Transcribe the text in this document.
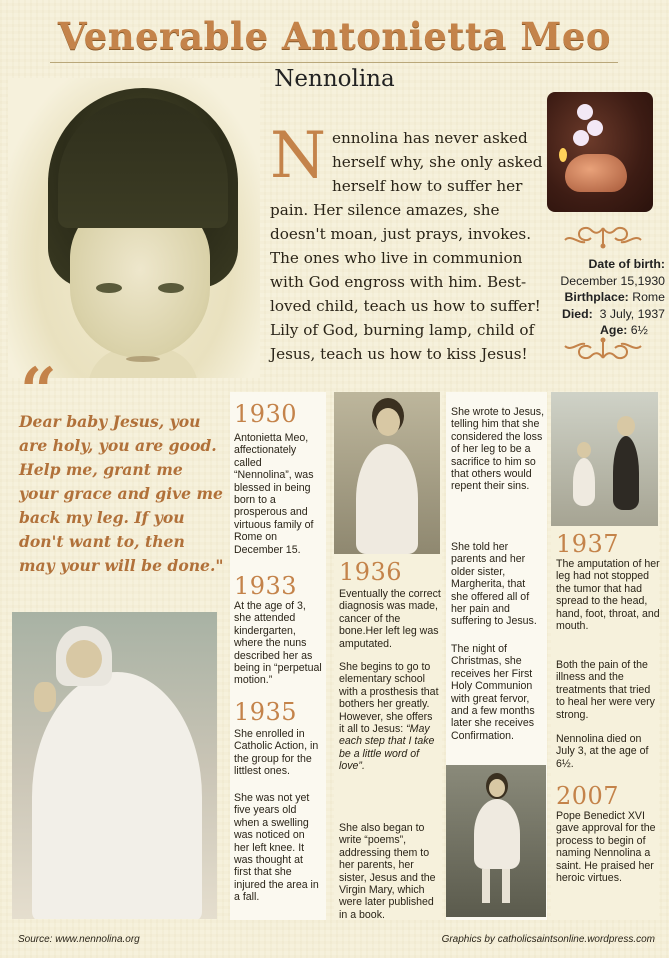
Venerable Antonietta Meo
Nennolina
Nennolina has never asked herself why, she only asked herself how to suffer her pain. Her silence amazes, she doesn't moan, just prays, invokes. The ones who live in communion with God engross with him. Best-loved child, teach us how to suffer! Lily of God, burning lamp, child of Jesus, teach us how to kiss Jesus!
Date of birth:
December 15,1930
Birthplace: Rome
Died: 3 July, 1937
Age: 6½
“
Dear baby Jesus, you are holy, you are good. Help me, grant me your grace and give me back my leg. If you don't want to, then may your will be done."
1930
Antonietta Meo, affectionately called “Nennolina”, was blessed in being born to a prosperous and virtuous family of Rome on December 15.
1933
At the age of 3, she attended kindergarten, where the nuns described her as being in “perpetual motion.”
1935
She enrolled in Catholic Action, in the group for the littlest ones.
She was not yet five years old when a swelling was noticed on her left knee. It was thought at first that she injured the area in a fall.
1936
Eventually the correct diagnosis was made, cancer of the bone.Her left leg was amputated.
She begins to go to elementary school with a prosthesis that bothers her greatly. However, she offers it all to Jesus: “May each step that I take be a little word of love”.
She also began to write “poems”, addressing them to her parents, her sister, Jesus and the Virgin Mary, which were later published in a book.
She wrote to Jesus, telling him that she considered the loss of her leg to be a sacrifice to him so that others would repent their sins.
She told her parents and her older sister, Margherita, that she offered all of her pain and suffering to Jesus.
The night of Christmas, she receives her First Holy Communion with great fervor, and a few months later she receives Confirmation.
1937
The amputation of her leg had not stopped the tumor that had spread to the head, hand, foot, throat, and mouth.
Both the pain of the illness and the treatments that tried to heal her were very strong.
Nennolina died on July 3, at the age of 6½.
2007
Pope Benedict XVI gave approval for the process to begin of naming Nennolina a saint. He praised her heroic virtues.
Source: www.nennolina.org	Graphics by catholicsaintsonline.wordpress.com
